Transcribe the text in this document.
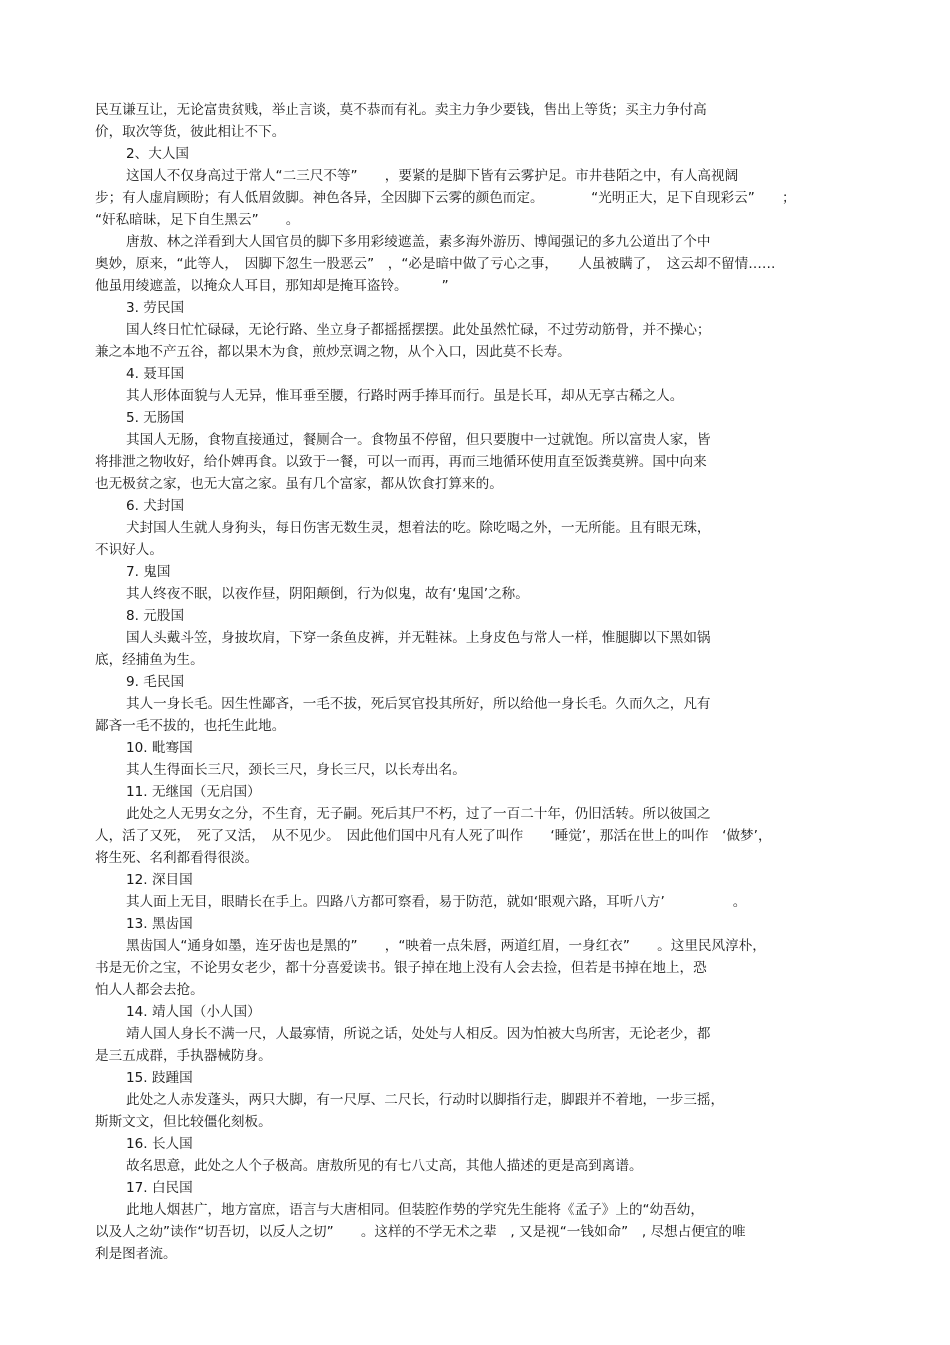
民互谦互让，无论富贵贫贱，举止言谈，莫不恭而有礼。卖主力争少要钱，售出上等货；买主力争付高
价，取次等货，彼此相让不下。
2、大人国
这国人不仅身高过于常人“二三尺不等”　　，要紧的是脚下皆有云雾护足。市井巷陌之中，有人高视阔
步；有人虚肩顾盼；有人低眉敛脚。神色各异，全因脚下云雾的颜色而定。　　　　“光明正大，足下自现彩云”　　；
“奸私暗昧，足下自生黑云”　　。
唐敖、林之洋看到大人国官员的脚下多用彩绫遮盖，素多海外游历、博闻强记的多九公道出了个中
奥妙，原来，“此等人，　因脚下忽生一股恶云”　，“必是暗中做了亏心之事，　　人虽被瞒了，　这云却不留情……
他虽用绫遮盖，以掩众人耳目，那知却是掩耳盗铃。　　　”
3. 劳民国
国人终日忙忙碌碌，无论行路、坐立身子都摇摇摆摆。此处虽然忙碌，不过劳动筋骨，并不操心；
兼之本地不产五谷，都以果木为食，煎炒烹调之物，从个入口，因此莫不长寿。
4. 聂耳国
其人形体面貌与人无异，惟耳垂至腰，行路时两手捧耳而行。虽是长耳，却从无享古稀之人。
5. 无肠国
其国人无肠，食物直接通过，餐厕合一。食物虽不停留，但只要腹中一过就饱。所以富贵人家，皆
将排泄之物收好，给仆婢再食。以致于一餐，可以一而再，再而三地循环使用直至饭粪莫辨。国中向来
也无极贫之家，也无大富之家。虽有几个富家，都从饮食打算来的。
6. 犬封国
犬封国人生就人身狗头，每日伤害无数生灵，想着法的吃。除吃喝之外，一无所能。且有眼无珠，
不识好人。
7. 鬼国
其人终夜不眠，以夜作昼，阴阳颠倒，行为似鬼，故有‘鬼国’之称。
8. 元股国
国人头戴斗笠，身披坎肩，下穿一条鱼皮裤，并无鞋袜。上身皮色与常人一样，惟腿脚以下黑如锅
底，经捕鱼为生。
9. 毛民国
其人一身长毛。因生性鄙吝，一毛不拔，死后冥官投其所好，所以给他一身长毛。久而久之，凡有
鄙吝一毛不拔的，也托生此地。
10. 毗骞国
其人生得面长三尺，颈长三尺，身长三尺，以长寿出名。
11. 无继国（无启国）
此处之人无男女之分，不生育，无子嗣。死后其尸不朽，过了一百二十年，仍旧活转。所以彼国之
人，活了又死，　死了又活，　从不见少。　因此他们国中凡有人死了叫作　　‘睡觉’，那活在世上的叫作　‘做梦’，
将生死、名利都看得很淡。
12. 深目国
其人面上无目，眼睛长在手上。四路八方都可察看，易于防范，就如‘眼观六路，耳听八方’　　　　　。
13. 黑齿国
黑齿国人“通身如墨，连牙齿也是黑的”　　，“映着一点朱唇，两道红眉，一身红衣”　　。这里民风淳朴，
书是无价之宝，不论男女老少，都十分喜爱读书。银子掉在地上没有人会去捡，但若是书掉在地上，恐
怕人人都会去抢。
14. 靖人国（小人国）
靖人国人身长不满一尺，人最寡情，所说之话，处处与人相反。因为怕被大鸟所害，无论老少，都
是三五成群，手执器械防身。
15. 跂踵国
此处之人赤发蓬头，两只大脚，有一尺厚、二尺长，行动时以脚指行走，脚跟并不着地，一步三摇，
斯斯文文，但比较僵化刻板。
16. 长人国
故名思意，此处之人个子极高。唐敖所见的有七八丈高，其他人描述的更是高到离谱。
17. 白民国
此地人烟甚广，地方富庶，语言与大唐相同。但装腔作势的学究先生能将《孟子》上的“幼吾幼，
以及人之幼”读作“切吾切，以反人之切”　　。这样的不学无术之辈　, 又是视“一钱如命”　, 尽想占便宜的唯
利是图者流。
